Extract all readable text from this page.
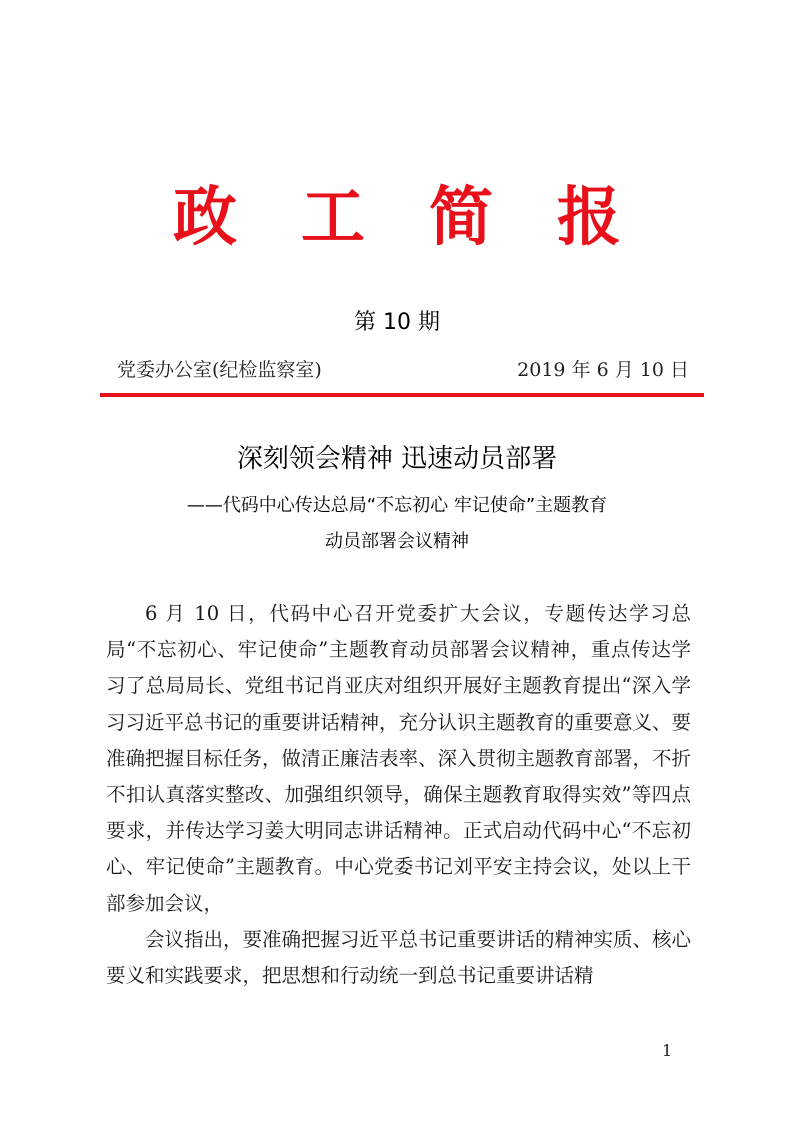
政　工　简　报
第 10 期
党委办公室(纪检监察室)	2019 年 6 月 10 日
深刻领会精神 迅速动员部署
——代码中心传达总局“不忘初心 牢记使命”主题教育
动员部署会议精神

6 月 10 日，代码中心召开党委扩大会议，专题传达学习总局“不忘初心、牢记使命”主题教育动员部署会议精神，重点传达学习了总局局长、党组书记肖亚庆对组织开展好主题教育提出“深入学习习近平总书记的重要讲话精神，充分认识主题教育的重要意义、要准确把握目标任务，做清正廉洁表率、深入贯彻主题教育部署，不折不扣认真落实整改、加强组织领导，确保主题教育取得实效”等四点要求，并传达学习姜大明同志讲话精神。正式启动代码中心“不忘初心、牢记使命”主题教育。中心党委书记刘平安主持会议，处以上干部参加会议，

会议指出，要准确把握习近平总书记重要讲话的精神实质、核心要义和实践要求，把思想和行动统一到总书记重要讲话精

1
